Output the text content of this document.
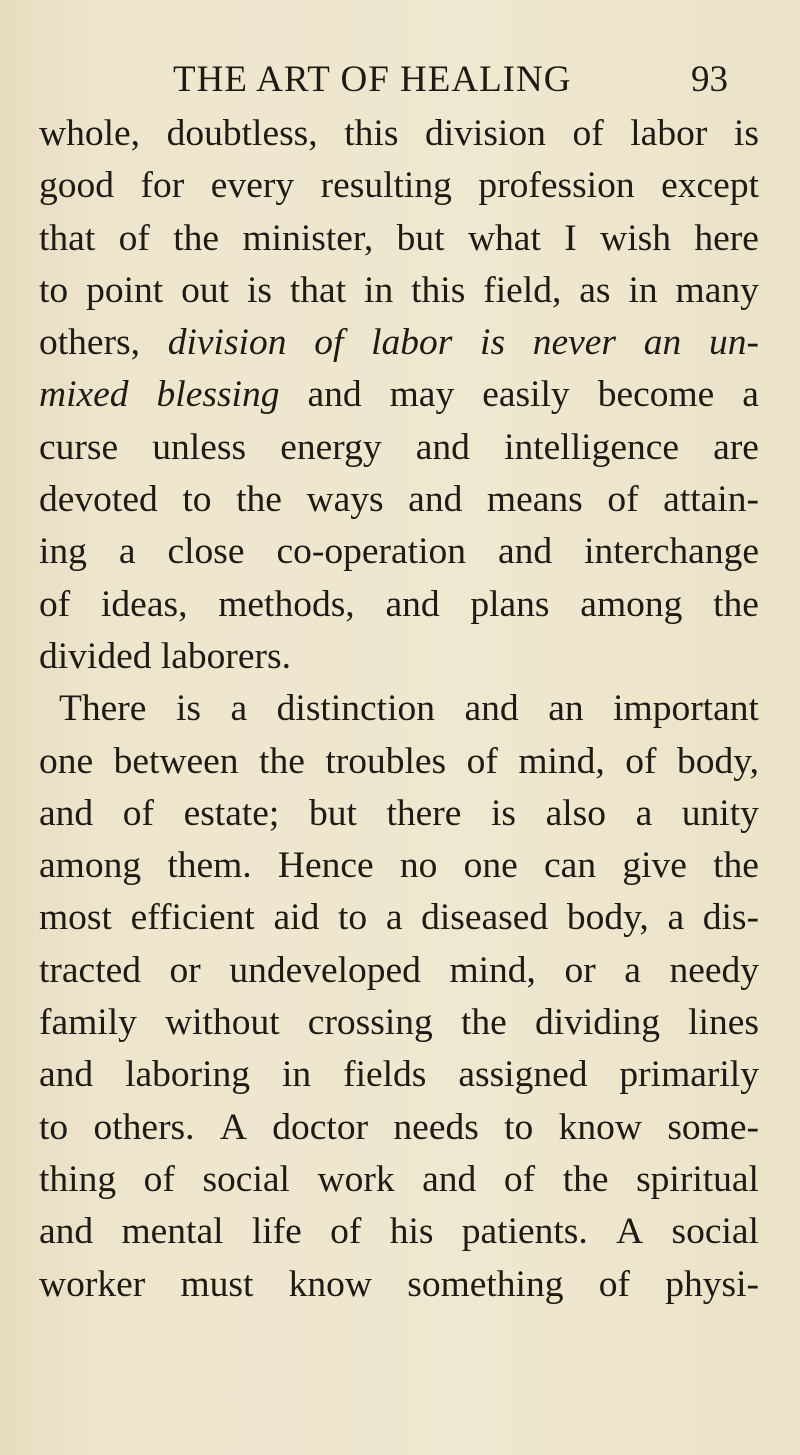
THE ART OF HEALING	93
whole, doubtless, this division of labor is
good for every resulting profession except
that of the minister, but what I wish here
to point out is that in this field, as in many
others, division of labor is never an un-
mixed blessing and may easily become a
curse unless energy and intelligence are
devoted to the ways and means of attain-
ing a close co-operation and interchange
of ideas, methods, and plans among the
divided
laborers.
There is a distinction and an important
one between the troubles of mind, of body,
and of estate; but there is also a unity
among them. Hence no one can give the
most efficient aid to a diseased body, a dis-
tracted or undeveloped mind, or a needy
family without crossing the dividing lines
and laboring in fields assigned primarily
to others. A doctor needs to know some-
thing of social work and of the spiritual
and mental life of his patients. A social
worker must know something of physi-
